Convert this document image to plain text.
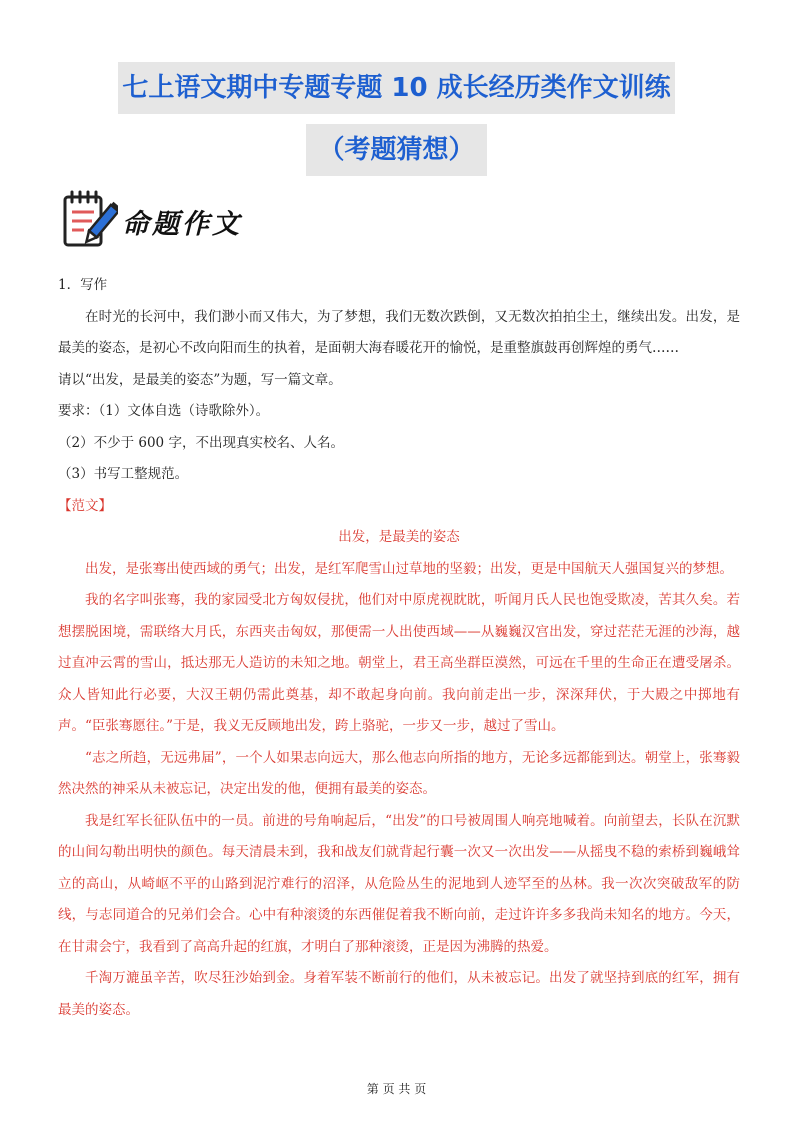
七上语文期中专题专题 10 成长经历类作文训练
（考题猜想）
命题作文

1．写作

在时光的长河中，我们渺小而又伟大，为了梦想，我们无数次跌倒，又无数次拍拍尘土，继续出发。出发，是最美的姿态，是初心不改向阳而生的执着，是面朝大海春暖花开的愉悦，是重整旗鼓再创辉煌的勇气……

请以“出发，是最美的姿态”为题，写一篇文章。

要求：（1）文体自选（诗歌除外）。

（2）不少于 600 字，不出现真实校名、人名。

（3）书写工整规范。

【范文】

出发，是最美的姿态

出发，是张骞出使西域的勇气；出发，是红军爬雪山过草地的坚毅；出发，更是中国航天人强国复兴的梦想。

我的名字叫张骞，我的家园受北方匈奴侵扰，他们对中原虎视眈眈，听闻月氏人民也饱受欺凌，苦其久矣。若想摆脱困境，需联络大月氏，东西夹击匈奴，那便需一人出使西域——从巍巍汉宫出发，穿过茫茫无涯的沙海，越过直冲云霄的雪山，抵达那无人造访的未知之地。朝堂上，君王高坐群臣漠然，可远在千里的生命正在遭受屠杀。众人皆知此行必要，大汉王朝仍需此奠基，却不敢起身向前。我向前走出一步，深深拜伏，于大殿之中掷地有声。“臣张骞愿往。”于是，我义无反顾地出发，跨上骆驼，一步又一步，越过了雪山。

“志之所趋，无远弗届”，一个人如果志向远大，那么他志向所指的地方，无论多远都能到达。朝堂上，张骞毅然决然的神采从未被忘记，决定出发的他，便拥有最美的姿态。

我是红军长征队伍中的一员。前进的号角响起后，“出发”的口号被周围人响亮地喊着。向前望去，长队在沉默的山间勾勒出明快的颜色。每天清晨未到，我和战友们就背起行囊一次又一次出发——从摇曳不稳的索桥到巍峨耸立的高山，从崎岖不平的山路到泥泞难行的沼泽，从危险丛生的泥地到人迹罕至的丛林。我一次次突破敌军的防线，与志同道合的兄弟们会合。心中有种滚烫的东西催促着我不断向前，走过许许多多我尚未知名的地方。今天，在甘肃会宁，我看到了高高升起的红旗，才明白了那种滚烫，正是因为沸腾的热爱。

千淘万漉虽辛苦，吹尽狂沙始到金。身着军装不断前行的他们，从未被忘记。出发了就坚持到底的红军，拥有最美的姿态。

第 页 共 页
